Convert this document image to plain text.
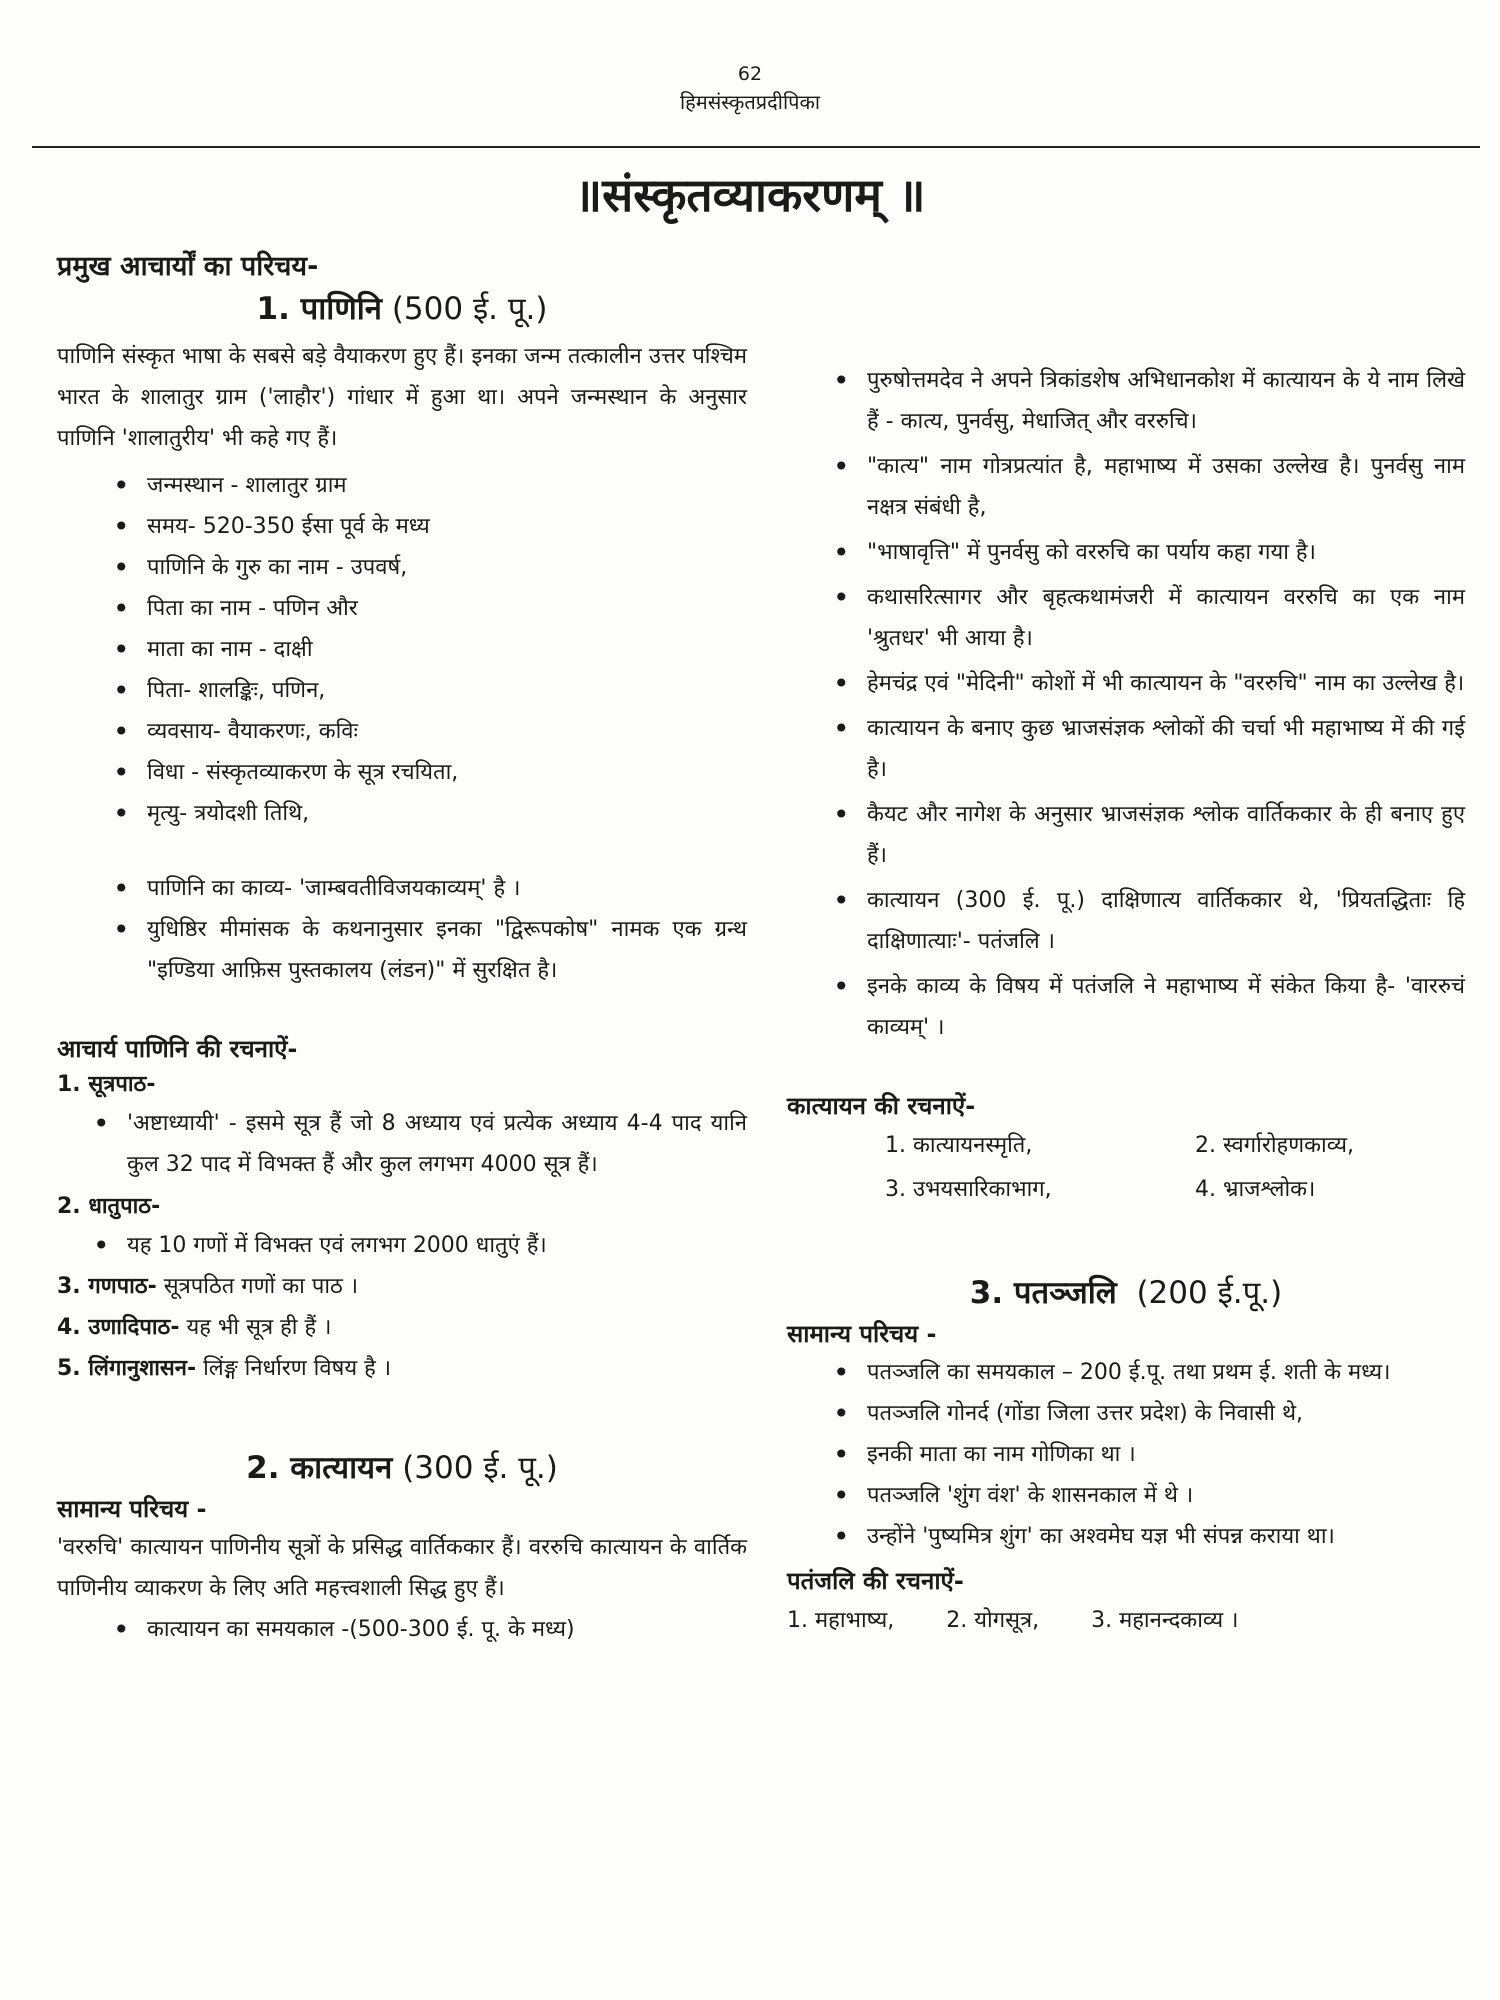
62
हिमसंस्कृतप्रदीपिका
॥संस्कृतव्याकरणम् ॥
प्रमुख आचार्यों का परिचय-
1. पाणिनि (500 ई. पू.)

पाणिनि संस्कृत भाषा के सबसे बड़े वैयाकरण हुए हैं। इनका जन्म तत्कालीन उत्तर पश्चिम भारत के शालातुर ग्राम ('लाहौर') गांधार में हुआ था। अपने जन्मस्थान के अनुसार पाणिनि 'शालातुरीय' भी कहे गए हैं।

• जन्मस्थान - शालातुर ग्राम
• समय- 520-350 ईसा पूर्व के मध्य
• पाणिनि के गुरु का नाम - उपवर्ष,
• पिता का नाम - पणिन और
• माता का नाम - दाक्षी
• पिता- शालङ्किः, पणिन,
• व्यवसाय- वैयाकरणः, कविः
• विधा - संस्कृतव्याकरण के सूत्र रचयिता,
• मृत्यु- त्रयोदशी तिथि,
• पाणिनि का काव्य- 'जाम्बवतीविजयकाव्यम्' है ।
• युधिष्ठिर मीमांसक के कथनानुसार इनका "द्विरूपकोष" नामक एक ग्रन्थ "इण्डिया आफ़िस पुस्तकालय (लंडन)" में सुरक्षित है।
आचार्य पाणिनि की रचनाऐं-
1. सूत्रपाठ-
• 'अष्टाध्यायी' - इसमे सूत्र हैं जो 8 अध्याय एवं प्रत्येक अध्याय 4-4 पाद यानि कुल 32 पाद में विभक्त हैं और कुल लगभग 4000 सूत्र हैं।
2. धातुपाठ-
• यह 10 गणों में विभक्त एवं लगभग 2000 धातुएं हैं।

3. गणपाठ- सूत्रपठित गणों का पाठ ।

4. उणादिपाठ- यह भी सूत्र ही हैं ।

5. लिंगानुशासन- लिंङ्ग निर्धारण विषय है ।

2. कात्यायन (300 ई. पू.)
सामान्य परिचय -

'वररुचि' कात्यायन पाणिनीय सूत्रों के प्रसिद्ध वार्तिककार हैं। वररुचि कात्यायन के वार्तिक पाणिनीय व्याकरण के लिए अति महत्त्वशाली सिद्ध हुए हैं।

• कात्यायन का समयकाल -(500-300 ई. पू. के मध्य)
• पुरुषोत्तमदेव ने अपने त्रिकांडशेष अभिधानकोश में कात्यायन के ये नाम लिखे हैं - कात्य, पुनर्वसु, मेधाजित् और वररुचि।
• "कात्य" नाम गोत्रप्रत्यांत है, महाभाष्य में उसका उल्लेख है। पुनर्वसु नाम नक्षत्र संबंधी है,
• "भाषावृत्ति" में पुनर्वसु को वररुचि का पर्याय कहा गया है।
• कथासरित्सागर और बृहत्कथामंजरी में कात्यायन वररुचि का एक नाम 'श्रुतधर' भी आया है।
• हेमचंद्र एवं "मेदिनी" कोशों में भी कात्यायन के "वररुचि" नाम का उल्लेख है।
• कात्यायन के बनाए कुछ भ्राजसंज्ञक श्लोकों की चर्चा भी महाभाष्य में की गई है।
• कैयट और नागेश के अनुसार भ्राजसंज्ञक श्लोक वार्तिककार के ही बनाए हुए हैं।
• कात्यायन (300 ई. पू.) दाक्षिणात्य वार्तिककार थे, 'प्रियतद्धिताः हि दाक्षिणात्याः'- पतंजलि ।
• इनके काव्य के विषय में पतंजलि ने महाभाष्य में संकेत किया है- 'वाररुचं काव्यम्' ।
कात्यायन की रचनाऐं-
1. कात्यायनस्मृति,	2. स्वर्गारोहणकाव्य,
3. उभयसारिकाभाग,	4. भ्राजश्लोक।
3. पतञ्जलि  (200 ई.पू.)
सामान्य परिचय -
• पतञ्जलि का समयकाल – 200 ई.पू. तथा प्रथम ई. शती के मध्य।
• पतञ्जलि गोनर्द (गोंडा जिला उत्तर प्रदेश) के निवासी थे,
• इनकी माता का नाम गोणिका था ।
• पतञ्जलि 'शुंग वंश' के शासनकाल में थे ।
• उन्होंने 'पुष्यमित्र शुंग' का अश्वमेघ यज्ञ भी संपन्न कराया था।
पतंजलि की रचनाऐं-
1. महाभाष्य, 2. योगसूत्र, 3. महानन्दकाव्य ।
